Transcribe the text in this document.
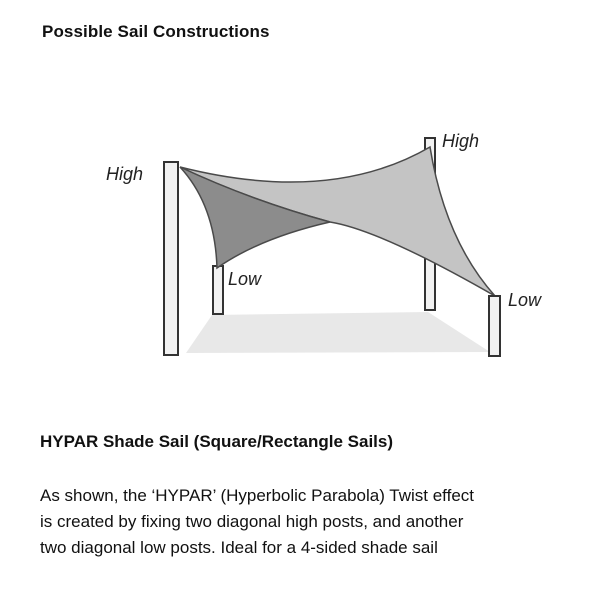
Possible Sail Constructions
High
High
Low
Low
HYPAR Shade Sail (Square/Rectangle Sails)
As shown, the ‘HYPAR’ (Hyperbolic Parabola) Twist effect
is created by fixing two diagonal high posts, and another
two diagonal low posts. Ideal for a 4-sided shade sail
